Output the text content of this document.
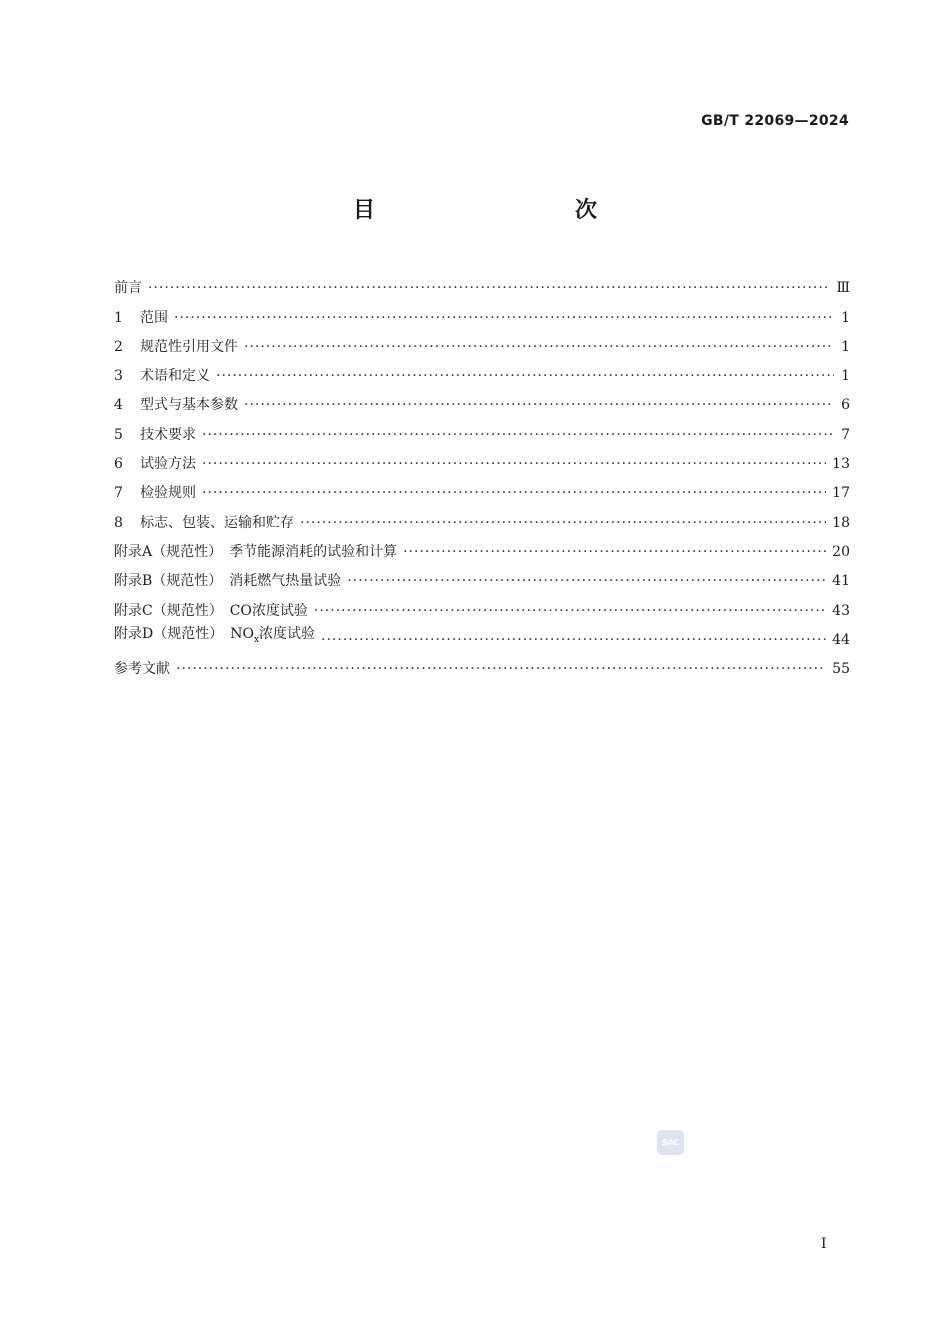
GB/T 22069—2024
目　　次
前言 ·····	Ⅲ
1 范围 ·····	1
2 规范性引用文件 ·····	1
3 术语和定义 ·····	1
4 型式与基本参数 ·····	6
5 技术要求 ·····	7
6 试验方法 ·····	13
7 检验规则 ·····	17
8 标志、包装、运输和贮存 ·····	18
附录A（规范性）　季节能源消耗的试验和计算 ·····	20
附录B（规范性）　消耗燃气热量试验 ·····	41
附录C（规范性）　CO浓度试验 ·····	43
附录D（规范性）　$NO_x$浓度试验 ·····	44
参考文献 ·····	55
SAC
I
